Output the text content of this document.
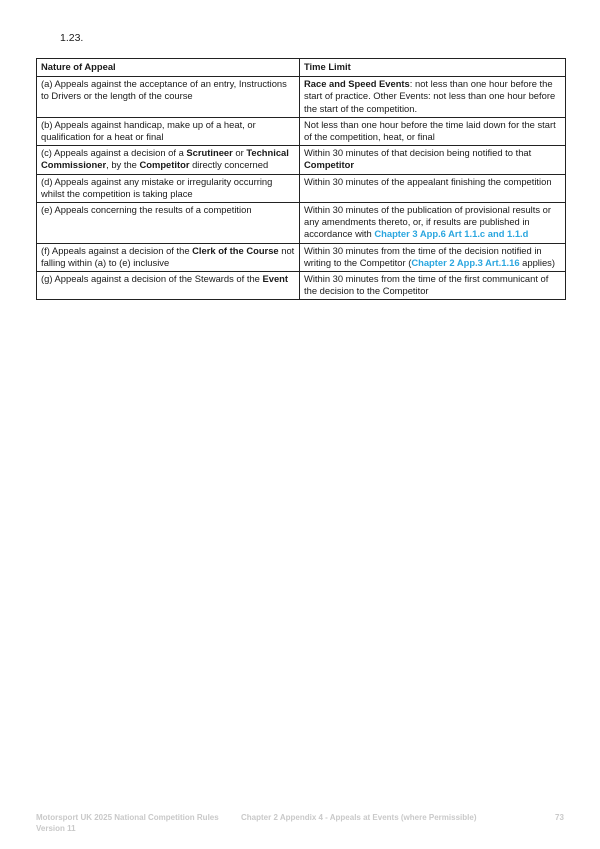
1.23.
Nature of Appeal	Time Limit
(a) Appeals against the acceptance of an entry, Instructions to Drivers or the length of the course	Race and Speed Events: not less than one hour before the start of practice. Other Events: not less than one hour before the start of the competition.
(b) Appeals against handicap, make up of a heat, or qualification for a heat or final	Not less than one hour before the time laid down for the start of the competition, heat, or final
(c) Appeals against a decision of a Scrutineer or Technical Commissioner, by the Competitor directly concerned	Within 30 minutes of that decision being notified to that Competitor
(d) Appeals against any mistake or irregularity occurring whilst the competition is taking place	Within 30 minutes of the appealant finishing the competition
(e) Appeals concerning the results of a competition	Within 30 minutes of the publication of provisional results or any amendments thereto, or, if results are published in accordance with Chapter 3 App.6 Art 1.1.c and 1.1.d
(f) Appeals against a decision of the Clerk of the Course not falling within (a) to (e) inclusive	Within 30 minutes from the time of the decision notified in writing to the Competitor (Chapter 2 App.3 Art.1.16 applies)
(g) Appeals against a decision of the Stewards of the Event	Within 30 minutes from the time of the first communicant of the decision to the Competitor
Motorsport UK 2025 National Competition Rules
Version 11
Chapter 2 Appendix 4 - Appeals at Events (where Permissible)	73
